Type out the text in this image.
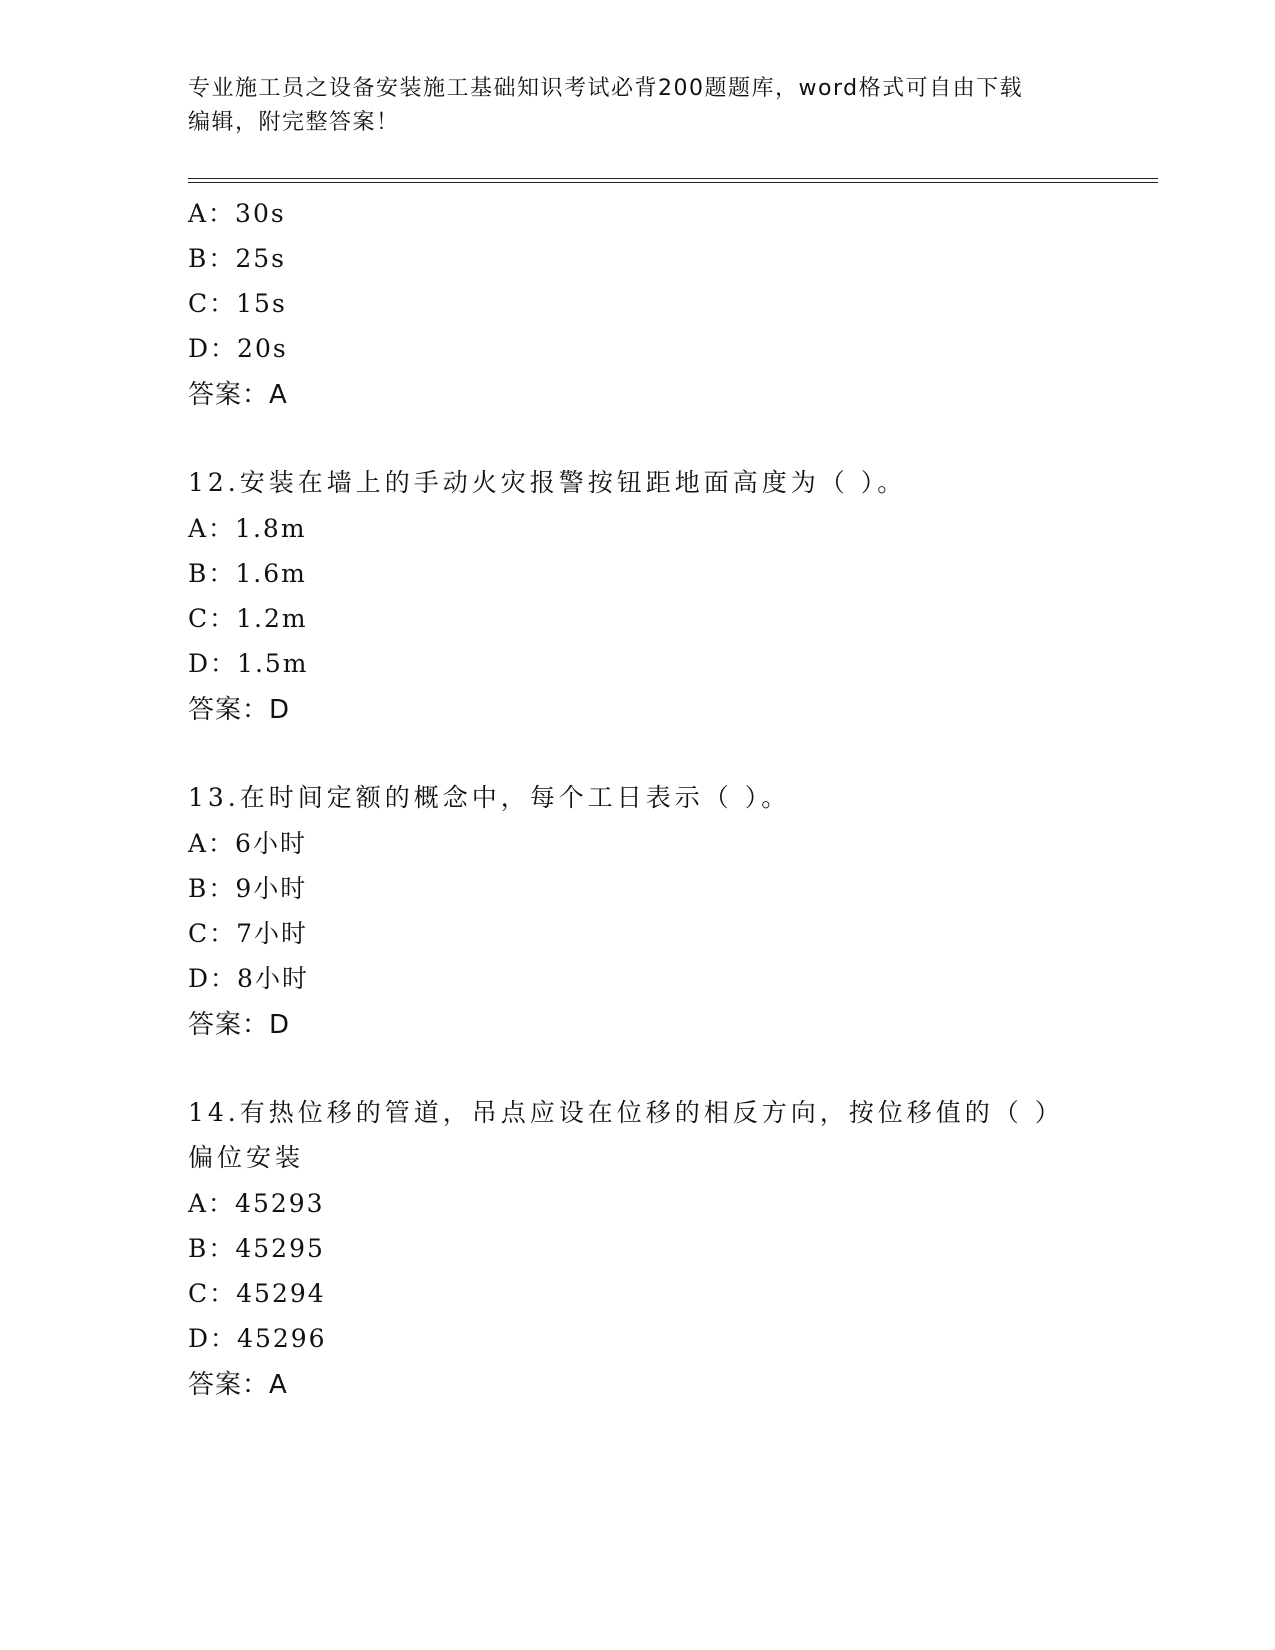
专业施工员之设备安装施工基础知识考试必背200题题库，word格式可自由下载
编辑，附完整答案！
A：30s
B：25s
C：15s
D：20s
答案：A
12.安装在墙上的手动火灾报警按钮距地面高度为（ ）。
A：1.8m
B：1.6m
C：1.2m
D：1.5m
答案：D
13.在时间定额的概念中，每个工日表示（ ）。
A：6小时
B：9小时
C：7小时
D：8小时
答案：D
14.有热位移的管道，吊点应设在位移的相反方向，按位移值的（ ）
偏位安装
A：45293
B：45295
C：45294
D：45296
答案：A
